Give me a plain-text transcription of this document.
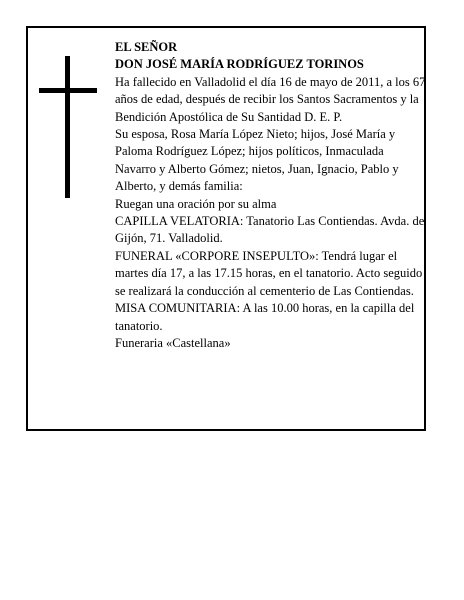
EL SEÑOR

DON JOSÉ MARÍA RODRÍGUEZ TORINOS

Ha fallecido en Valladolid el día 16 de mayo de 2011, a los 67 años de edad, después de recibir los Santos Sacramentos y la Bendición Apostólica de Su Santidad D. E. P.

Su esposa, Rosa María López Nieto; hijos, José María y Paloma Rodríguez López; hijos políticos, Inmaculada Navarro y Alberto Gómez; nietos, Juan, Ignacio, Pablo y Alberto, y demás familia:

Ruegan una oración por su alma

CAPILLA VELATORIA: Tanatorio Las Contiendas. Avda. de Gijón, 71. Valladolid.

FUNERAL «CORPORE INSEPULTO»: Tendrá lugar el martes día 17, a las 17.15 horas, en el tanatorio. Acto seguido se realizará la conducción al cementerio de Las Contiendas.

MISA COMUNITARIA: A las 10.00 horas, en la capilla del tanatorio.

Funeraria «Castellana»
